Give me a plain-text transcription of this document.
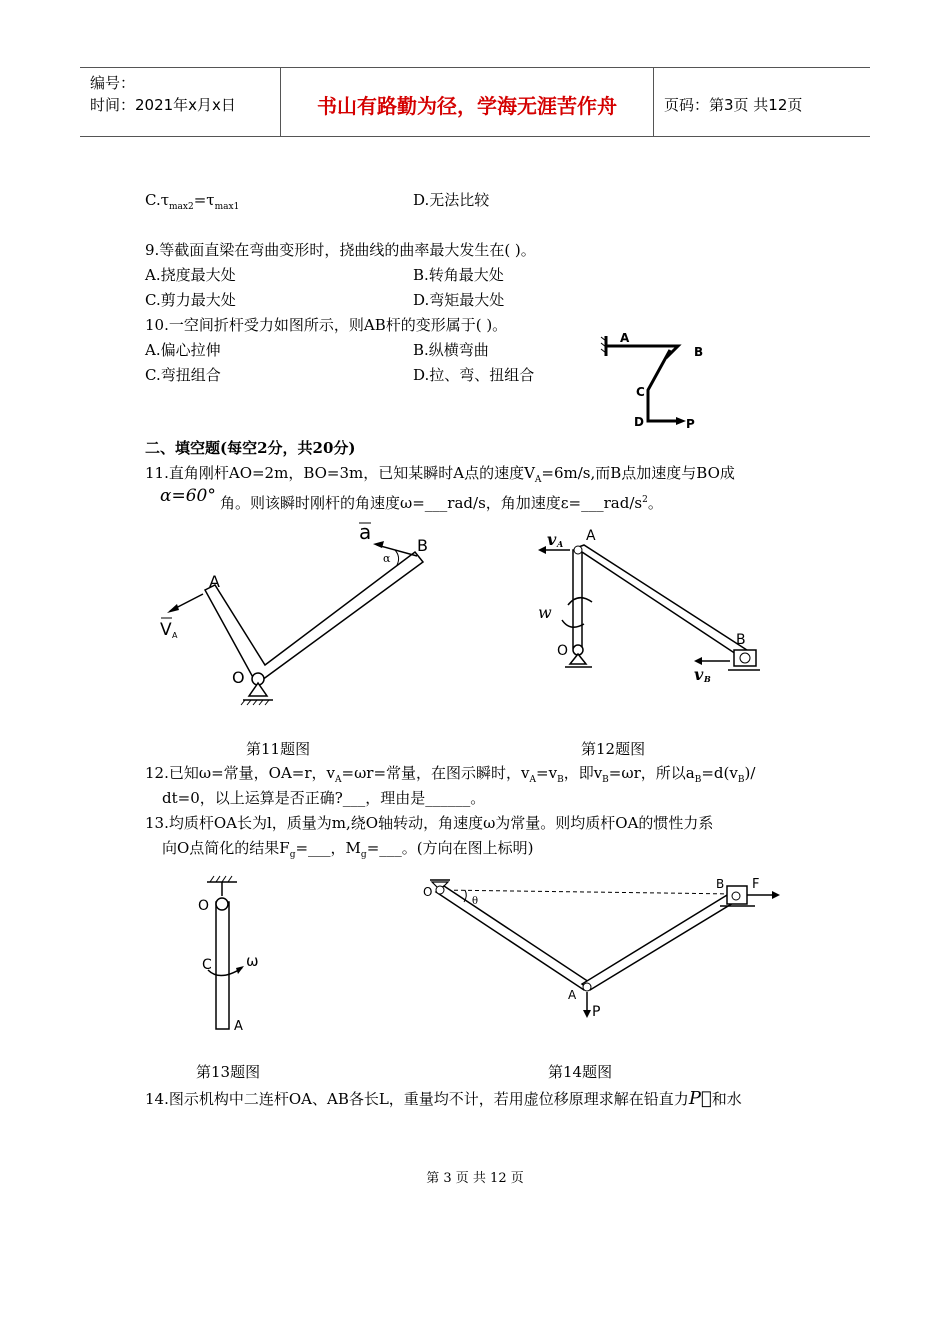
编号：
时间：2021年x月x日	书山有路勤为径，学海无涯苦作舟	页码：第3页 共12页
$C.\tau_{max2}=\tau_{max1}$	D.无法比较
9.等截面直梁在弯曲变形时，挠曲线的曲率最大发生在( )。
A.挠度最大处	B.转角最大处
C.剪力最大处	D.弯矩最大处
10.一空间折杆受力如图所示，则AB杆的变形属于( )。
A.偏心拉伸	B.纵横弯曲
C.弯扭组合	D.拉、弯、扭组合
A
B
C
D	P
二、填空题(每空2分，共20分)
11.直角刚杆AO=2m，BO=3m，已知某瞬时A点的速度$V_A=6m/s$,而B点加速度与BO成
α=60° 角。则该瞬时刚杆的角速度ω=___rad/s，角加速度$\varepsilon=\_\_\_rad/s^2$。
A
B
O
V A
a
α
A
B
O
v A
v B
w
第11题图	第12题图
12.已知ω=常量，OA=r，$v_A=\omega r=$常量，在图示瞬时，$v_A=v_B$，即$v_B=\omega r$，所以$a_B=d(v_B)/$
dt=0，以上运算是否正确?___，理由是______。
13.均质杆OA长为l，质量为m,绕O轴转动，角速度ω为常量。则均质杆OA的惯性力系
向O点简化的结果$F_g=\_\_\_$，$M_g=\_\_\_$。(方向在图上标明)
O
C
A
ω
O
A
B F
P
θ
第13题图	第14题图
14.图示机构中二连杆OA、AB各长L，重量均不计，若用虚位移原理求解在铅直力P⃗和水
第 3 页 共 12 页
